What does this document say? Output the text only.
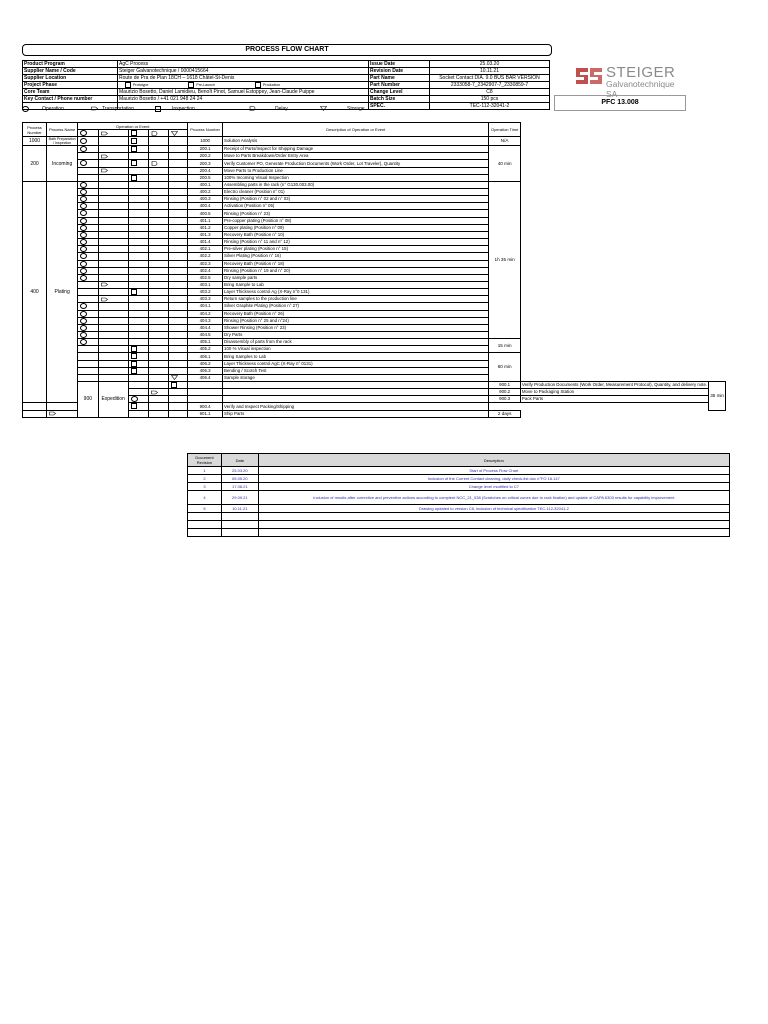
PROCESS FLOW CHART
Product Program	AgC Process	Issue Date	25.03.20
Supplier Name / Code	Steiger Galvanotechnique / 0000415664	Revision Date	10.11.21
Supplier Location	Route de Pra de Plan 18CH – 1618 Châtel-St-Denis	Part Name	Socket Contact DIA. 9.0 BUS BAR VERSION
Project Phase	Prototype Pre-Launch Production	Part Number	2333058-7_2342907-7_2330859-7
Core Team	Maurizio Bosetto, Daniel Lamidieu, Benoît Pinot, Samuel Estoppey, Jean-Claude Puippe	Change Level	C8
Key Contact / Phone number	Maurizio Bosetto / +41 021 948 24 24	Batch Size	150 pcs
		SPEC.	TEC-112-32041-2
STEIGER
Galvanotechnique SA
PFC 13.008
Operation	Transportation	Inspection	Delay	Storage
Process Number	Process Name	Operation or Event					Process Number	Description of Operation or Event	Operation Time		

1000	Bath Preparation / Inspection						1000	Solution Analysis	N/A		
200	Incoming						200.1	Receipt of Parts/Inspect for Shipping Damage	40 min		
					200.2	Move to Parts Breakdown/Order Entry Area			
					200.3	Verify Customer PO, Generate Production Documents (Work Order, Lot Traveler), Quantity			
					200.4	Move Parts to Production Line			
							200.5	100% Incoming Visual Inspection			
400	Plating						400.1	Assembling parts in the rack (n° G130.003.00)	1h 35 min		
							400.2	Electro cleaner (Position n° 01)			
							400.3	Rinsing (Position n° 02 and n° 03)			
							400.4	Activation (Position n° 05)			
							400.5	Rinsing (Position n° 23)			
							401.1	Pre-copper plating (Position n° 08)			
							401.2	Copper plating (Position n° 09)			
							401.3	Recovery Bath (Position n° 10)			
							401.4	Rinsing (Position n° 11 and n° 12)			
							402.1	Pre-silver plating (Position n° 15)			
							402.2	Silver Plating (Position n° 16)			
							402.3	Recovery Bath (Position n° 18)			
							402.4	Rinsing (Position n° 19 and n° 20)			
							402.5	Dry sample parts			
					403.1	Bring Sample to Lab			
							403.2	Layer Thickness control Ag (X-Ray n°0 131)			
					403.3	Return samples to the production line			
							404.1	Silver Graphite Plating (Position n° 27)			
							404.2	Recovery Bath (Position n° 26)			
							404.3	Rinsing (Position n° 25 and n°24)			
							404.4	Shower Rinsing (Position n° 23)			
							404.5	Dry Parts			
							405.1	Disassembly of parts from the rack	15 min		
							405.2	100 % Visual inspection			
							406.1	Bring Samples to Lab	60 min		
							406.2	Layer Thickness control AgC (X-Ray n° 0131)			
							406.3	Bending / Scotch Test			
					406.4	Sample storage			
		900	Expedition						900.1	Verify Production Documents (Work Order, Measurement Protocol), Quantity, and delivery note.	35 min
					900.2	Move to Packaging Station	
									900.3	Pack Parts	
							900.4	Verify and Inspect Packing/Shipping			
					901.1	Ship Parts	2 days		
Document Revision	Date	Description
1	25.03.20	Start of Process Flow Chart
2	05.05.20	Inclusion of the Current Contact cleaning, daily check-list doc n°FO 16.147
3	17.08.21	Change level modified to C7
4	29.09.21	Inclusion of results after corrective and preventive actions according to complent NCC_21_038 (Scratches on critical zones due to rack fixation) and update of CAPA 6303 results for capability improvement
5	10.11.21	Drawing updated to version C8, inclusion of technical specification TEC-112-32041-2
